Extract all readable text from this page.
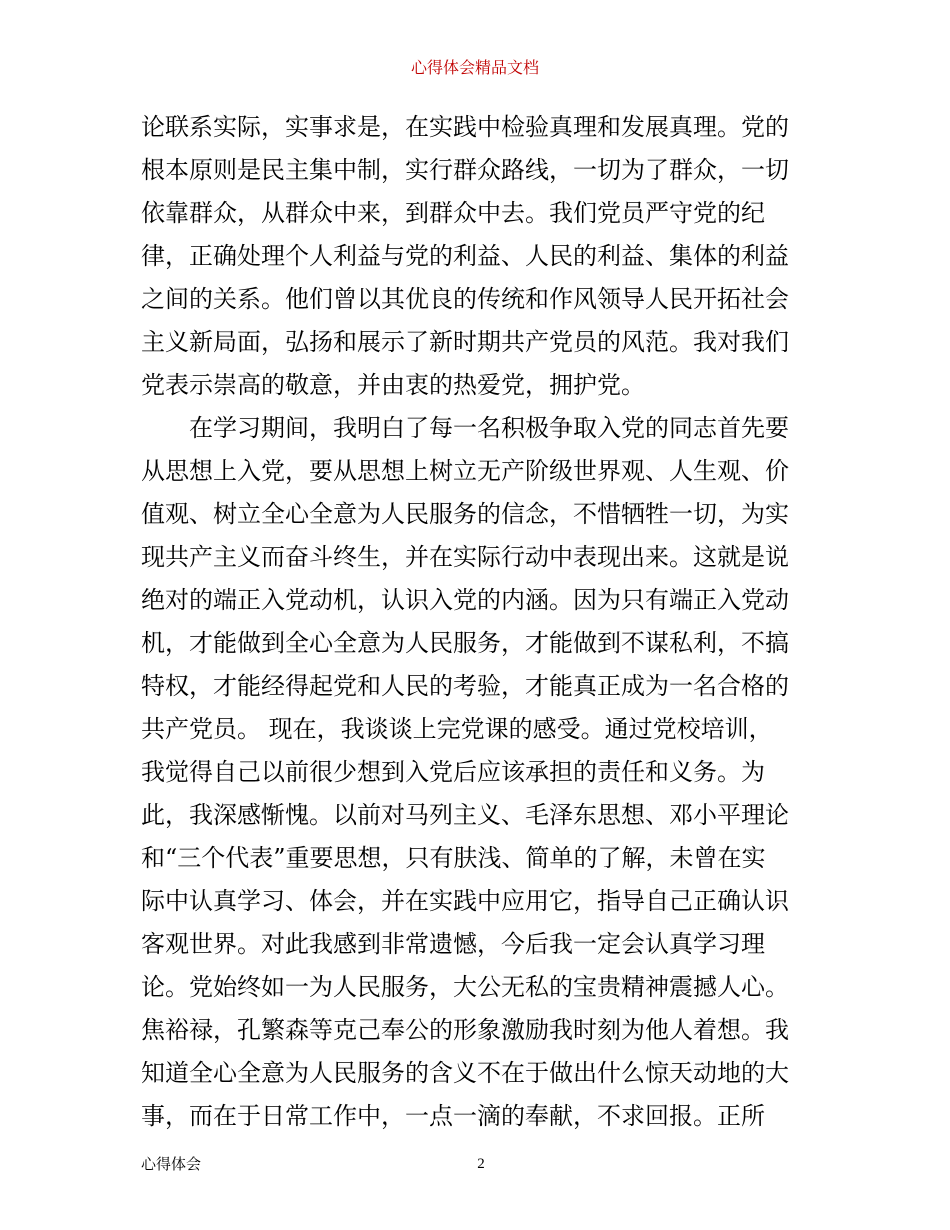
心得体会精品文档
论联系实际，实事求是，在实践中检验真理和发展真理。党的
根本原则是民主集中制，实行群众路线，一切为了群众，一切
依靠群众，从群众中来，到群众中去。我们党员严守党的纪
律，正确处理个人利益与党的利益、人民的利益、集体的利益
之间的关系。他们曾以其优良的传统和作风领导人民开拓社会
主义新局面，弘扬和展示了新时期共产党员的风范。我对我们
党表示崇高的敬意，并由衷的热爱党，拥护党。
　　在学习期间，我明白了每一名积极争取入党的同志首先要
从思想上入党，要从思想上树立无产阶级世界观、人生观、价
值观、树立全心全意为人民服务的信念，不惜牺牲一切，为实
现共产主义而奋斗终生，并在实际行动中表现出来。这就是说
绝对的端正入党动机，认识入党的内涵。因为只有端正入党动
机，才能做到全心全意为人民服务，才能做到不谋私利，不搞
特权，才能经得起党和人民的考验，才能真正成为一名合格的
共产党员。 现在，我谈谈上完党课的感受。通过党校培训，
我觉得自己以前很少想到入党后应该承担的责任和义务。为
此，我深感惭愧。以前对马列主义、毛泽东思想、邓小平理论
和“三个代表”重要思想，只有肤浅、简单的了解，未曾在实
际中认真学习、体会，并在实践中应用它，指导自己正确认识
客观世界。对此我感到非常遗憾，今后我一定会认真学习理
论。党始终如一为人民服务，大公无私的宝贵精神震撼人心。
焦裕禄，孔繁森等克己奉公的形象激励我时刻为他人着想。我
知道全心全意为人民服务的含义不在于做出什么惊天动地的大
事，而在于日常工作中，一点一滴的奉献，不求回报。正所
心得体会	2
